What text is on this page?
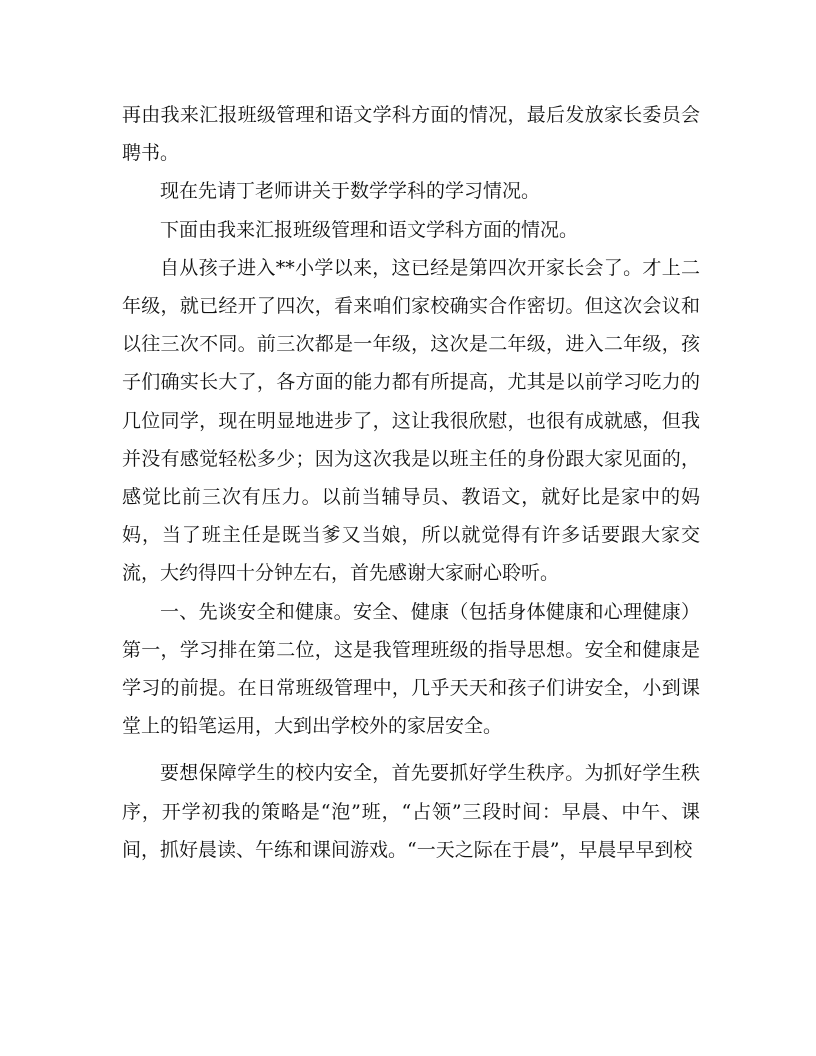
再由我来汇报班级管理和语文学科方面的情况，最后发放家长委员会聘书。

现在先请丁老师讲关于数学学科的学习情况。

下面由我来汇报班级管理和语文学科方面的情况。

自从孩子进入**小学以来，这已经是第四次开家长会了。才上二年级，就已经开了四次，看来咱们家校确实合作密切。但这次会议和以往三次不同。前三次都是一年级，这次是二年级，进入二年级，孩子们确实长大了，各方面的能力都有所提高，尤其是以前学习吃力的几位同学，现在明显地进步了，这让我很欣慰，也很有成就感，但我并没有感觉轻松多少；因为这次我是以班主任的身份跟大家见面的，感觉比前三次有压力。以前当辅导员、教语文，就好比是家中的妈妈，当了班主任是既当爹又当娘，所以就觉得有许多话要跟大家交流，大约得四十分钟左右，首先感谢大家耐心聆听。

一、先谈安全和健康。安全、健康（包括身体健康和心理健康）第一，学习排在第二位，这是我管理班级的指导思想。安全和健康是学习的前提。在日常班级管理中，几乎天天和孩子们讲安全，小到课堂上的铅笔运用，大到出学校外的家居安全。

要想保障学生的校内安全，首先要抓好学生秩序。为抓好学生秩序，开学初我的策略是“泡”班，“占领”三段时间：早晨、中午、课间，抓好晨读、午练和课间游戏。“一天之际在于晨”，早晨早早到校
